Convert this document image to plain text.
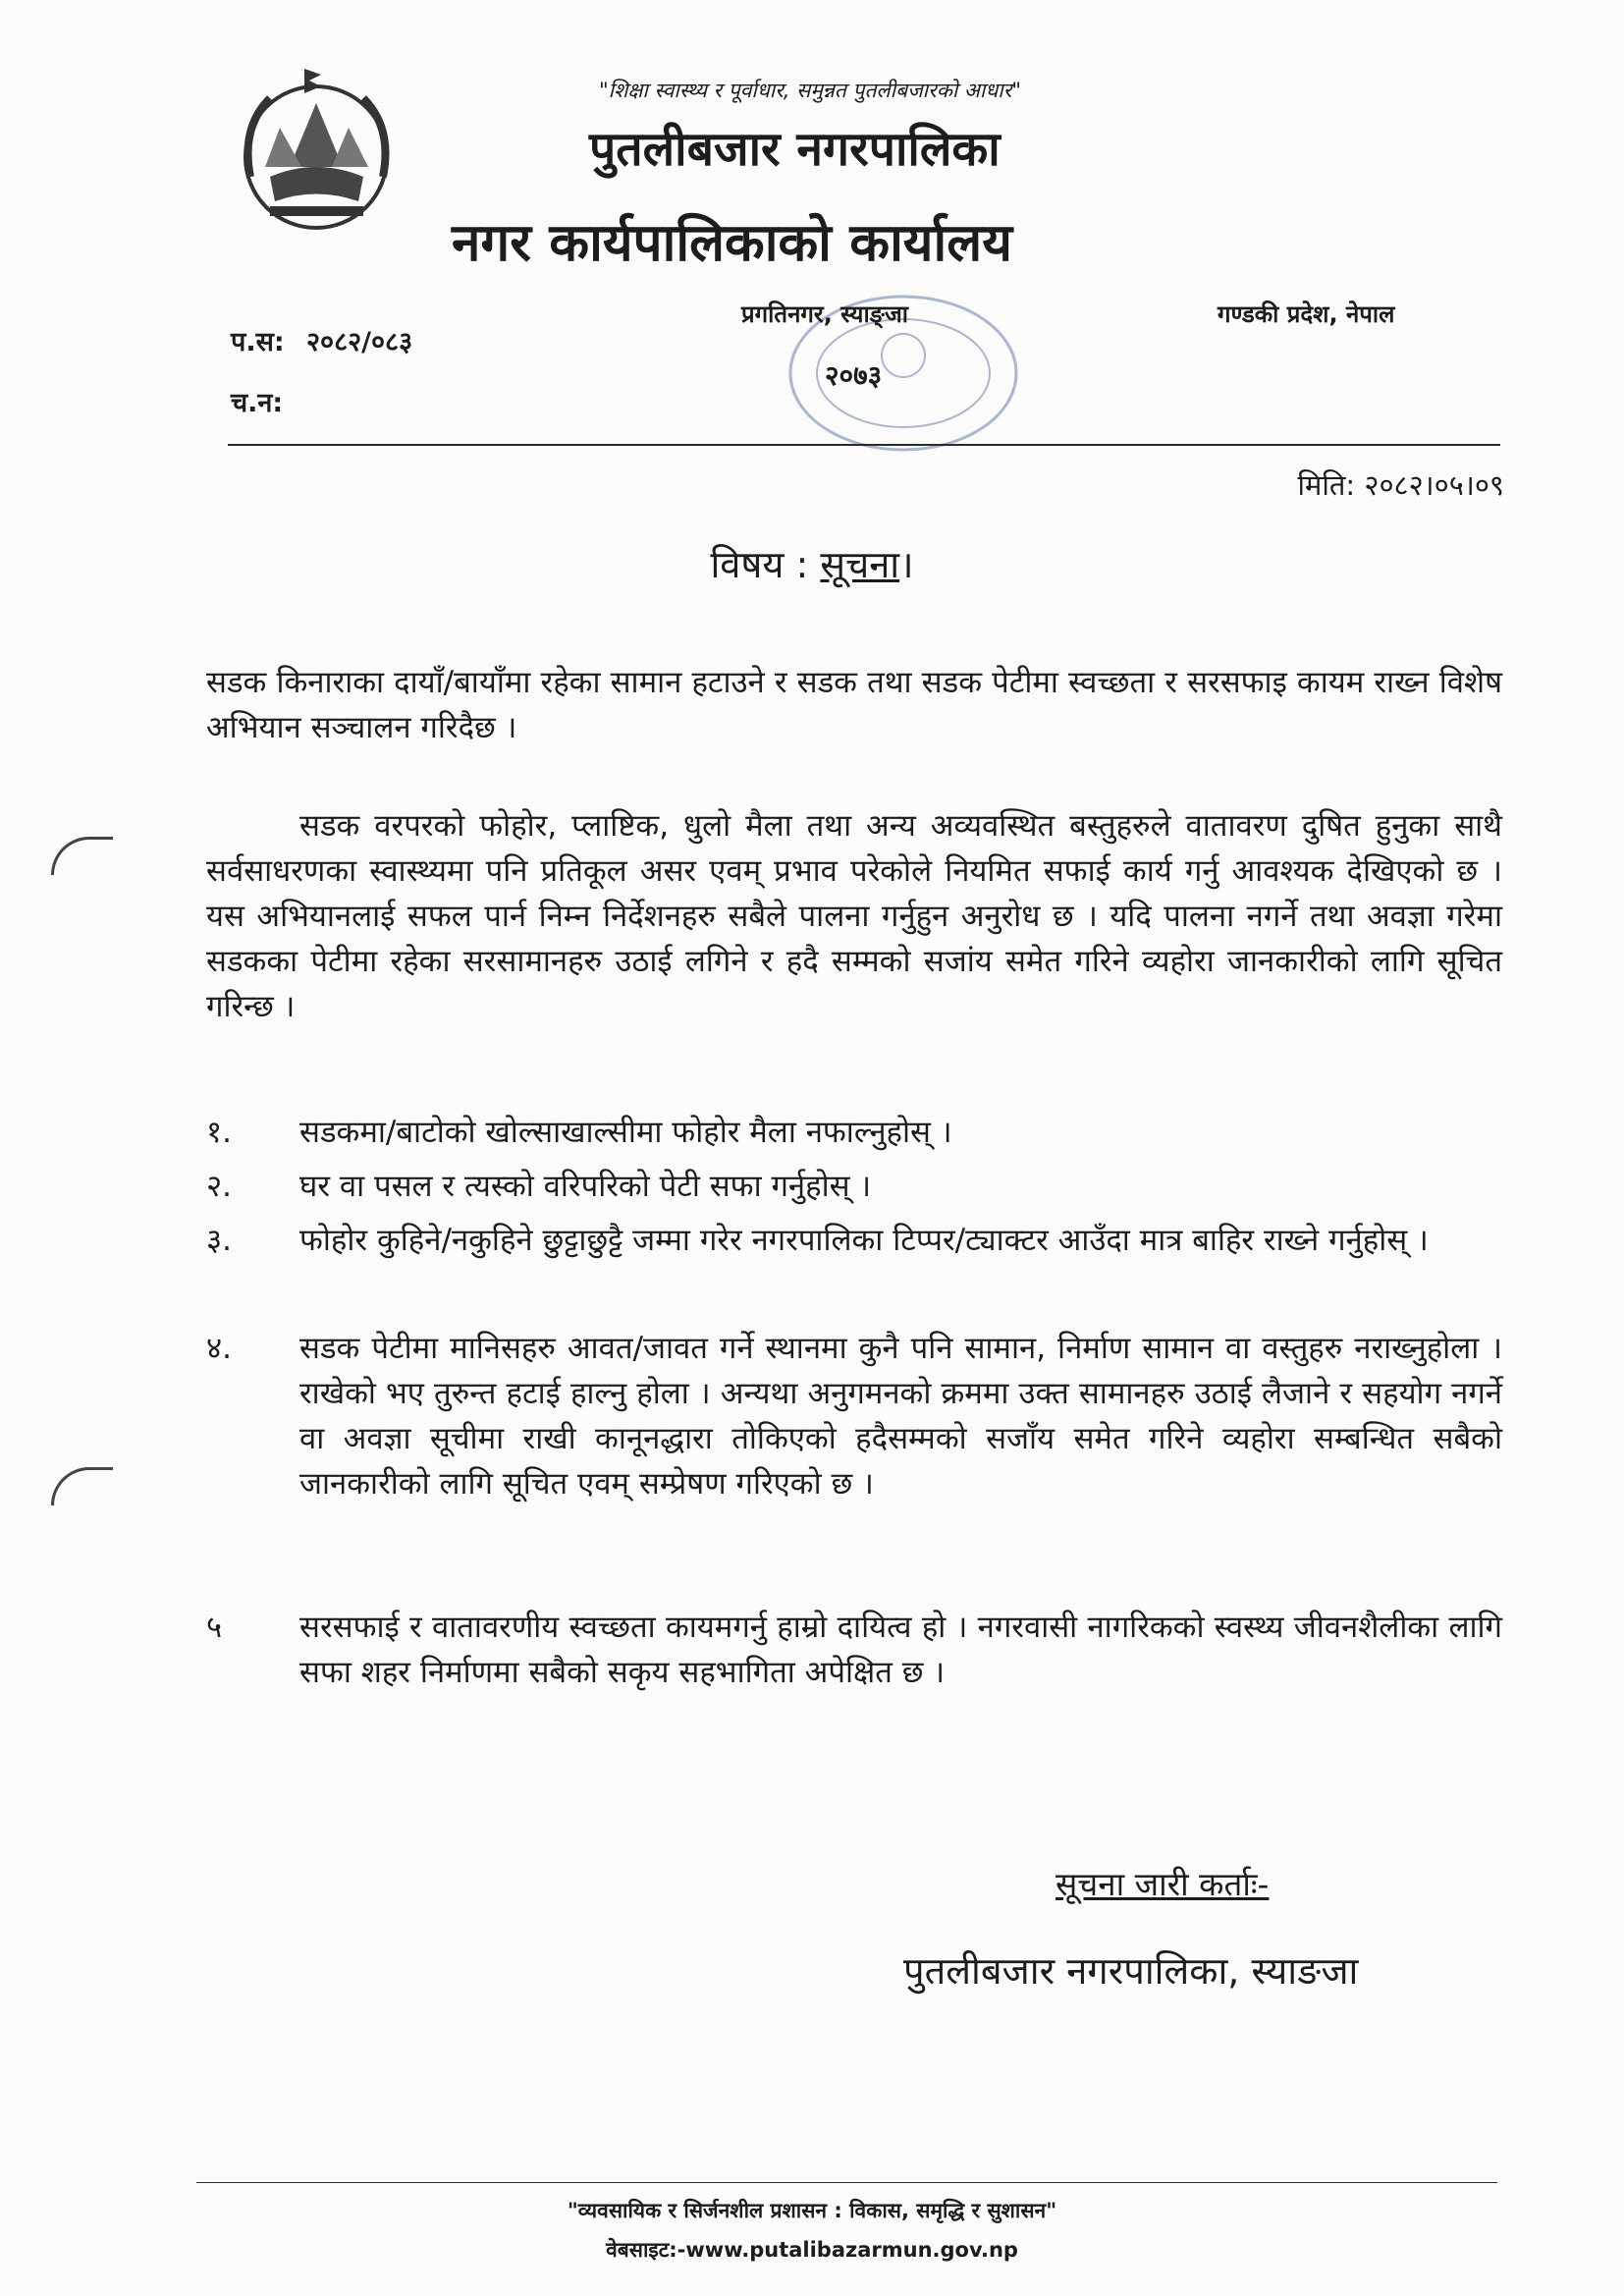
"शिक्षा स्वास्थ्य र पूर्वाधार, समुन्नत पुतलीबजारको आधार"
पुतलीबजार नगरपालिका
नगर कार्यपालिकाको कार्यालय
प.स: २०८२/०८३
च.न:
प्रगतिनगर, स्याङ्जा
२०७३
गण्डकी प्रदेश, नेपाल
मिति: २०८२।०५।०९
विषय : सूचना।
सडक किनाराका दायाँ/बायाँमा रहेका सामान हटाउने र सडक तथा सडक पेटीमा स्वच्छता र सरसफाइ कायम राख्न विशेष अभियान सञ्चालन गरिदैछ ।
सडक वरपरको फोहोर, प्लाष्टिक, धुलो मैला तथा अन्य अव्यवस्थित बस्तुहरुले वातावरण दुषित हुनुका साथै सर्वसाधरणका स्वास्थ्यमा पनि प्रतिकूल असर एवम् प्रभाव परेकोले नियमित सफाई कार्य गर्नु आवश्यक देखिएको छ । यस अभियानलाई सफल पार्न निम्न निर्देशनहरु सबैले पालना गर्नुहुन अनुरोध छ । यदि पालना नगर्ने तथा अवज्ञा गरेमा सडकका पेटीमा रहेका सरसामानहरु उठाई लगिने र हदै सम्मको सजांय समेत गरिने व्यहोरा जानकारीको लागि सूचित गरिन्छ ।
१.	सडकमा/बाटोको खोल्साखाल्सीमा फोहोर मैला नफाल्नुहोस् ।
२.	घर वा पसल र त्यस्को वरिपरिको पेटी सफा गर्नुहोस् ।
३.	फोहोर कुहिने/नकुहिने छुट्टाछुट्टै जम्मा गरेर नगरपालिका टिप्पर/ट्याक्टर आउँदा मात्र बाहिर राख्ने गर्नुहोस् ।
४.	सडक पेटीमा मानिसहरु आवत/जावत गर्ने स्थानमा कुनै पनि सामान, निर्माण सामान वा वस्तुहरु नराख्नुहोला । राखेको भए तुरुन्त हटाई हाल्नु होला । अन्यथा अनुगमनको क्रममा उक्त सामानहरु उठाई लैजाने र सहयोग नगर्ने वा अवज्ञा सूचीमा राखी कानूनद्धारा तोकिएको हदैसम्मको सजाँय समेत गरिने व्यहोरा सम्बन्धित सबैको जानकारीको लागि सूचित एवम् सम्प्रेषण गरिएको छ ।
५	सरसफाई र वातावरणीय स्वच्छता कायमगर्नु हाम्रो दायित्व हो । नगरवासी नागरिकको स्वस्थ्य जीवनशैलीका लागि सफा शहर निर्माणमा सबैको सकृय सहभागिता अपेक्षित छ ।
सूचना जारी कर्ताः-
पुतलीबजार नगरपालिका, स्याङजा
"व्यवसायिक र सिर्जनशील प्रशासन : विकास, समृद्धि र सुशासन"
वेबसाइट:-www.putalibazarmun.gov.np
